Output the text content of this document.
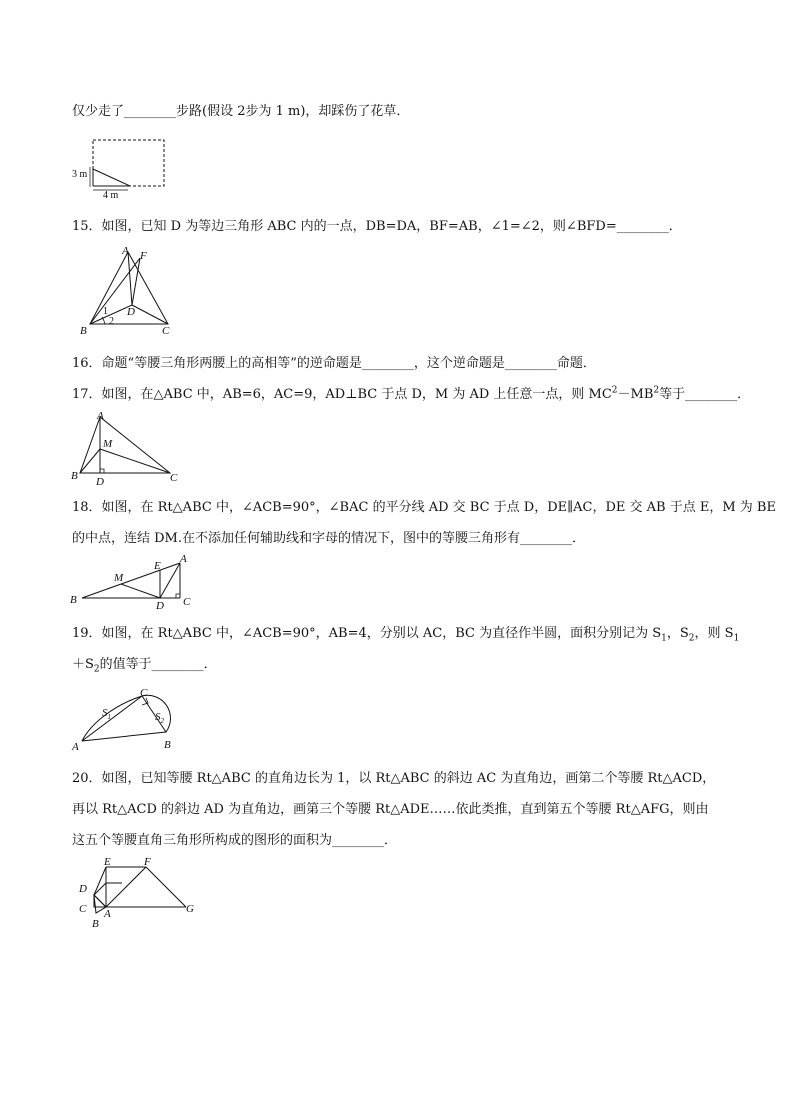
仅少走了________步路(假设 2步为 1 m)，却踩伤了花草．
3 m
4 m
15．如图，已知 D 为等边三角形 ABC 内的一点，DB=DA，BF=AB，∠1=∠2，则∠BFD=________．
A F
D
B	C
1
2
16．命题“等腰三角形两腰上的高相等”的逆命题是________，这个逆命题是________命题．
17．如图，在△ABC 中，AB=6，AC=9，AD⊥BC 于点 D，M 为 AD 上任意一点，则 $MC^2-MB^2$等于________．
A
M
B D	C
18．如图，在 Rt△ABC 中，∠ACB=90°，∠BAC 的平分线 AD 交 BC 于点 D，DE∥AC，DE 交 AB 于点 E，M 为 BE
的中点，连结 DM.在不添加任何辅助线和字母的情况下，图中的等腰三角形有________．
M
E
A
B	D C
19．如图，在 Rt△ABC 中，∠ACB=90°，AB=4，分别以 AC，BC 为直径作半圆，面积分别记为 $S_1$，$S_2$，则 $S_1$
$+S_2$的值等于________．
C
$S_1$	$S_2$
A	B
20．如图，已知等腰 Rt△ABC 的直角边长为 1，以 Rt△ABC 的斜边 AC 为直角边，画第二个等腰 Rt△ACD，
再以 Rt△ACD 的斜边 AD 为直角边，画第三个等腰 Rt△ADE……依此类推，直到第五个等腰 Rt△AFG，则由
这五个等腰直角三角形所构成的图形的面积为________．
E	F
D
C A	G
B
